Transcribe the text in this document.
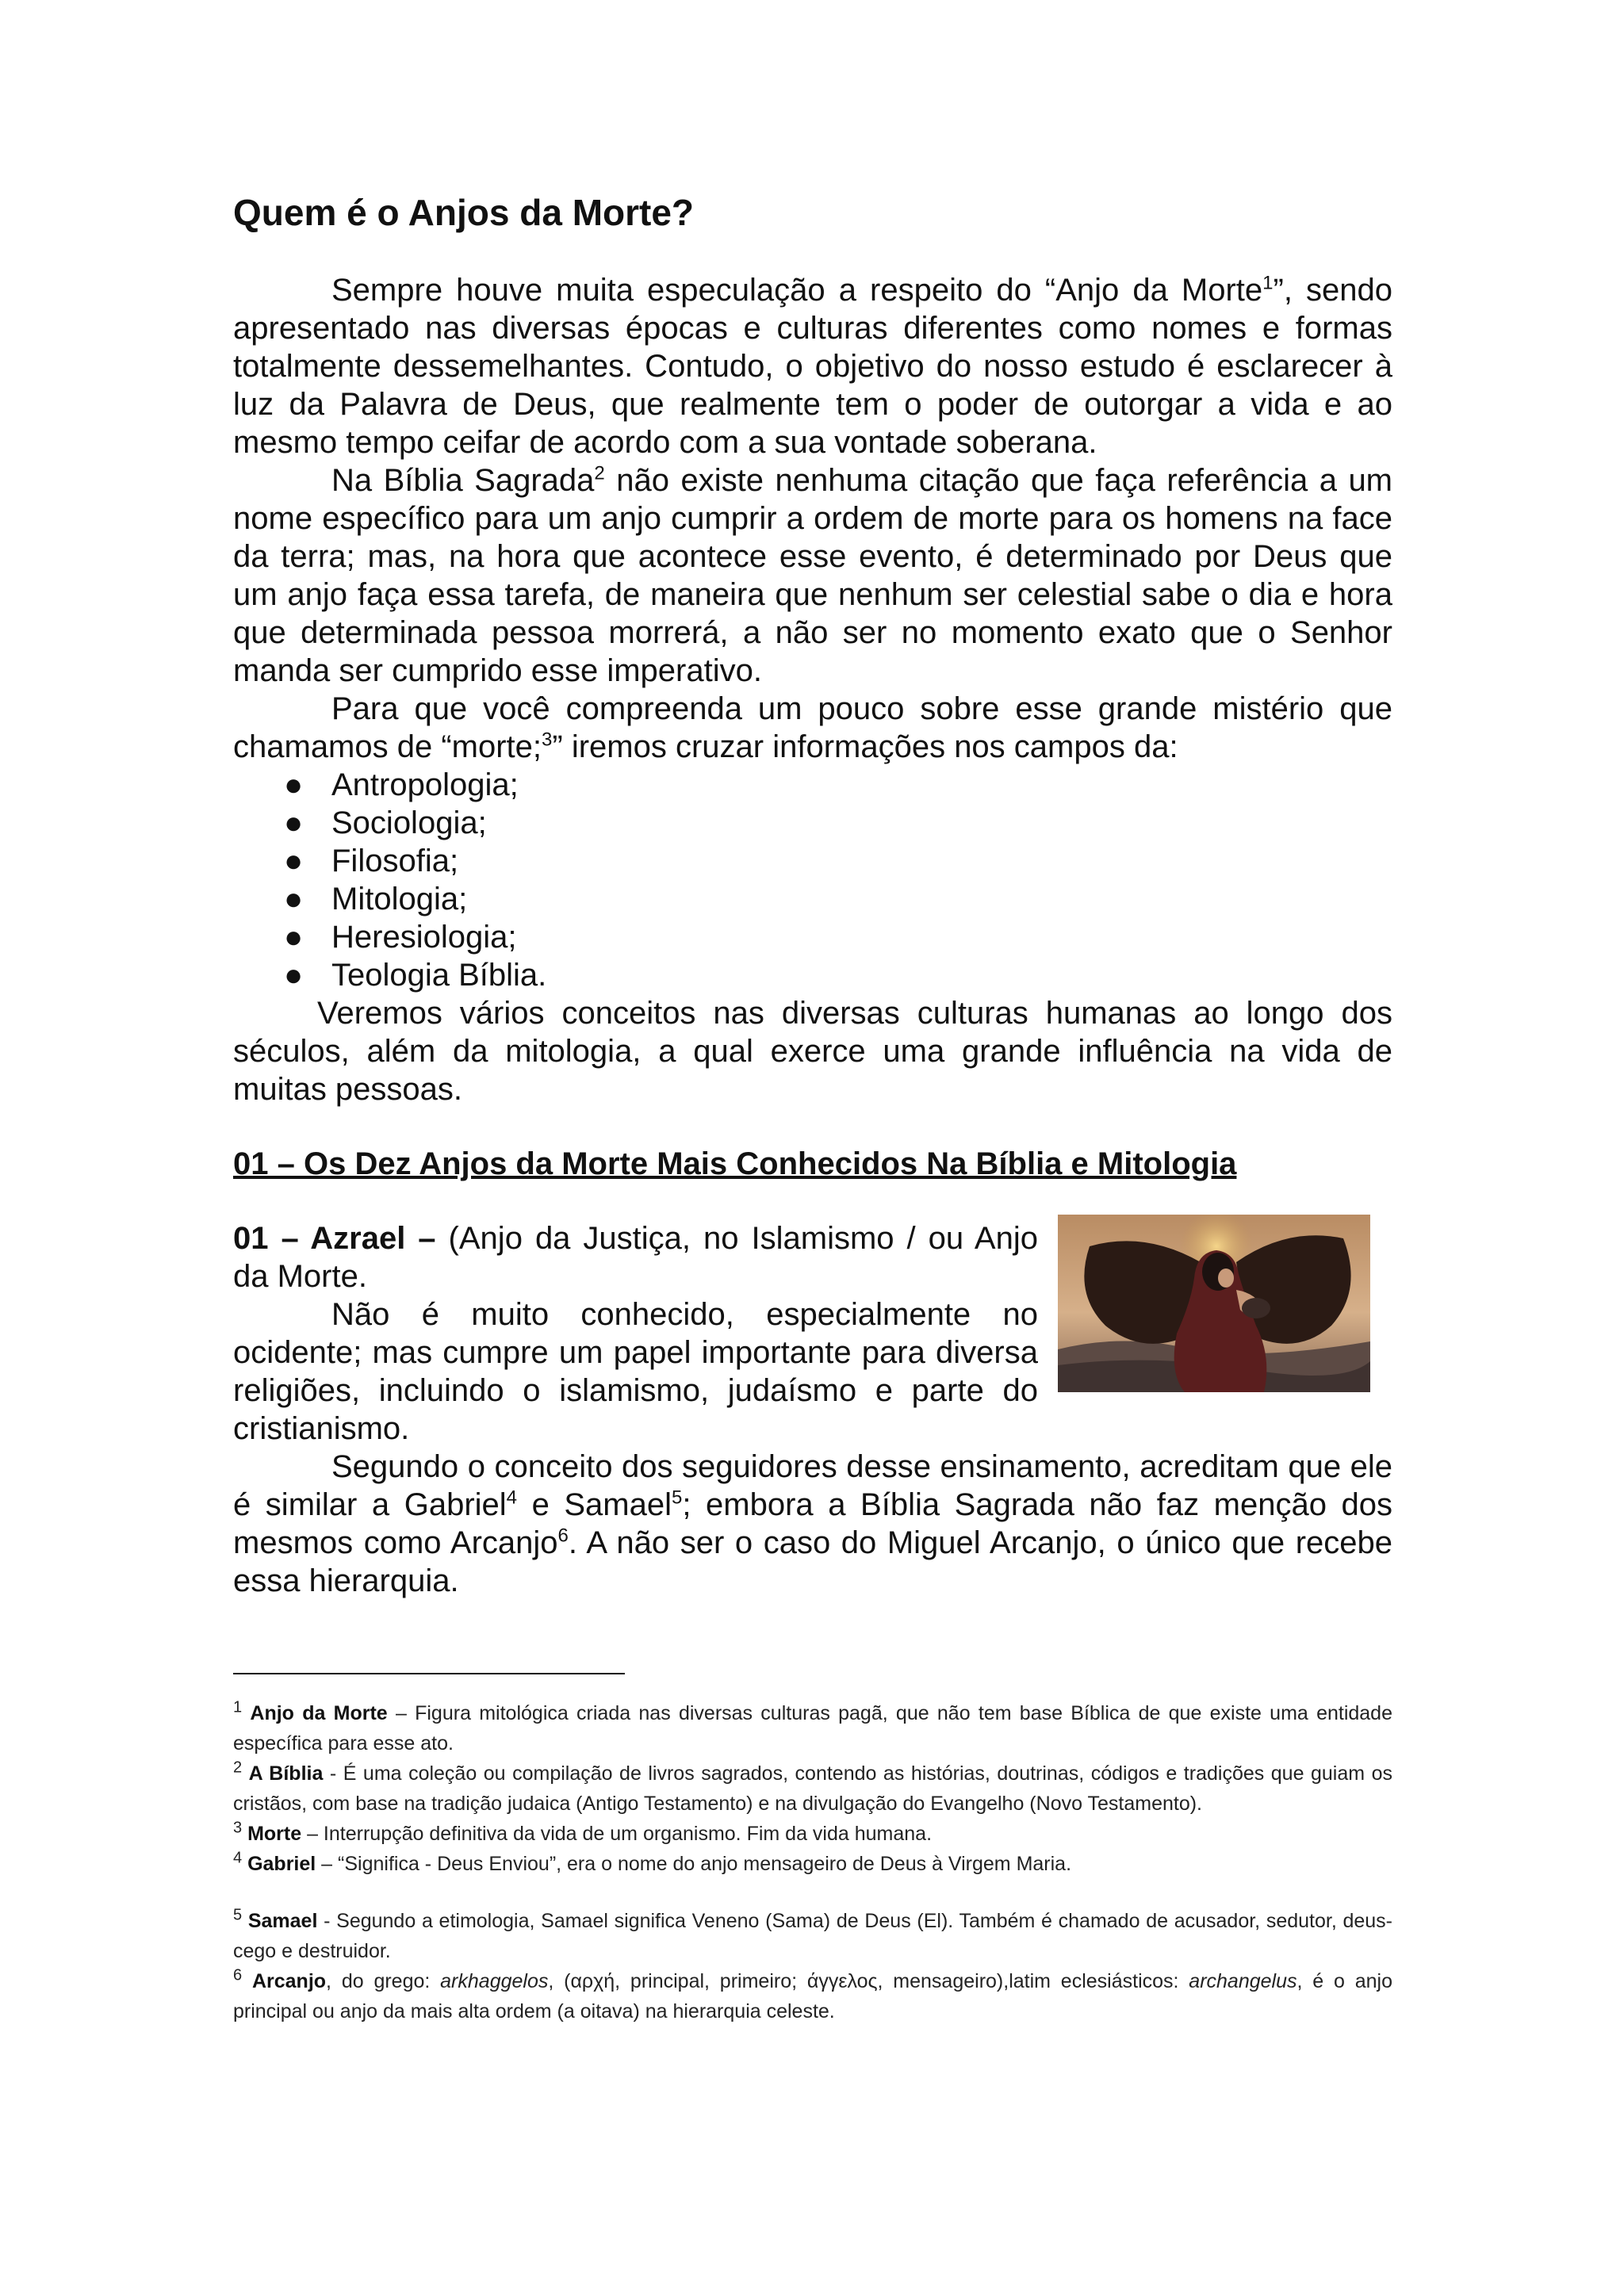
Quem é o Anjos da Morte?

Sempre houve muita especulação a respeito do “Anjo da Morte$^1$”, sendo apresentado nas diversas épocas e culturas diferentes como nomes e formas totalmente dessemelhantes. Contudo, o objetivo do nosso estudo é esclarecer à luz da Palavra de Deus, que realmente tem o poder de outorgar a vida e ao mesmo tempo ceifar de acordo com a sua vontade soberana.

Na Bíblia Sagrada$^2$ não existe nenhuma citação que faça referência a um nome específico para um anjo cumprir a ordem de morte para os homens na face da terra; mas, na hora que acontece esse evento, é determinado por Deus que um anjo faça essa tarefa, de maneira que nenhum ser celestial sabe o dia e hora que determinada pessoa morrerá, a não ser no momento exato que o Senhor manda ser cumprido esse imperativo.

Para que você compreenda um pouco sobre esse grande mistério que chamamos de “morte;$^3$” iremos cruzar informações nos campos da:

● Antropologia;
● Sociologia;
● Filosofia;
● Mitologia;
● Heresiologia;
● Teologia Bíblia.

Veremos vários conceitos nas diversas culturas humanas ao longo dos séculos, além da mitologia, a qual exerce uma grande influência na vida de muitas pessoas.

01 – Os Dez Anjos da Morte Mais Conhecidos Na Bíblia e Mitologia

01 – Azrael – (Anjo da Justiça, no Islamismo / ou Anjo da Morte.

Não é muito conhecido, especialmente no ocidente; mas cumpre um papel importante para diversa religiões, incluindo o islamismo, judaísmo e parte do cristianismo.

Segundo o conceito dos seguidores desse ensinamento, acreditam que ele é similar a Gabriel$^4$ e Samael$^5$; embora a Bíblia Sagrada não faz menção dos mesmos como Arcanjo$^6$. A não ser o caso do Miguel Arcanjo, o único que recebe essa hierarquia.

$^1$ Anjo da Morte – Figura mitológica criada nas diversas culturas pagã, que não tem base Bíblica de que existe uma entidade específica para esse ato.

$^2$ A Bíblia - É uma coleção ou compilação de livros sagrados, contendo as histórias, doutrinas, códigos e tradições que guiam os cristãos, com base na tradição judaica (Antigo Testamento) e na divulgação do Evangelho (Novo Testamento).

$^3$ Morte – Interrupção definitiva da vida de um organismo. Fim da vida humana.

$^4$ Gabriel – “Significa - Deus Enviou”, era o nome do anjo mensageiro de Deus à Virgem Maria.

$^5$ Samael - Segundo a etimologia, Samael significa Veneno (Sama) de Deus (El). Também é chamado de acusador, sedutor, deus-cego e destruidor.

$^6$ Arcanjo, do grego: arkhaggelos, (αρχή, principal, primeiro; άγγελος, mensageiro),latim eclesiásticos: archangelus, é o anjo principal ou anjo da mais alta ordem (a oitava) na hierarquia celeste.
